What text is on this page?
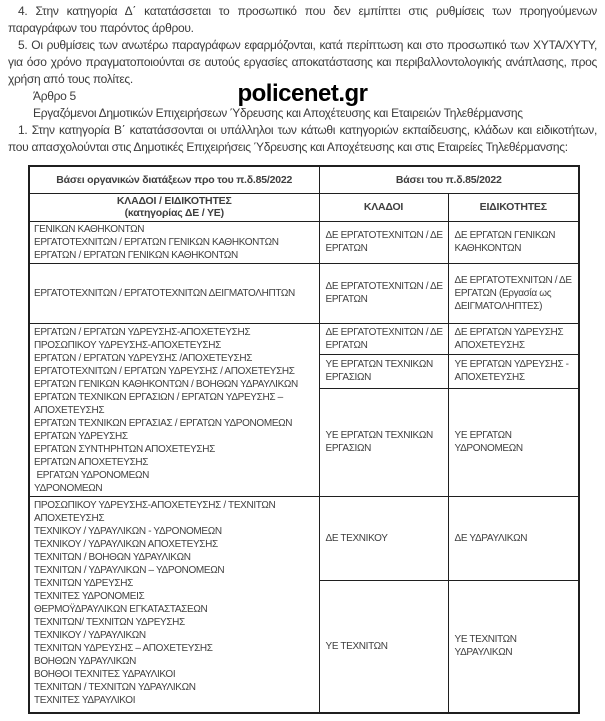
4. Στην κατηγορία Δ΄ κατατάσσεται το προσωπικό που δεν εμπίπτει στις ρυθμίσεις των προηγούμενων παραγράφων του παρόντος άρθρου.

5. Οι ρυθμίσεις των ανωτέρω παραγράφων εφαρμόζονται, κατά περίπτωση και στο προσωπικό των ΧΥΤΑ/ΧΥΤΥ, για όσο χρόνο πραγματοποιούνται σε αυτούς εργασίες αποκατάστασης και περιβαλλοντολογικής ανάπλασης, προς χρήση από τους πολίτες.

Άρθρο 5

Εργαζόμενοι Δημοτικών Επιχειρήσεων Ύδρευσης και Αποχέτευσης και Εταιρειών Τηλεθέρμανσης

1. Στην κατηγορία Β΄ κατατάσσονται οι υπάλληλοι των κάτωθι κατηγοριών εκπαίδευσης, κλάδων και ειδικοτήτων, που απασχολούνται στις Δημοτικές Επιχειρήσεις Ύδρευσης και Αποχέτευσης και στις Εταιρείες Τηλεθέρμανσης:

policenet.gr
Βάσει οργανικών διατάξεων προ του π.δ.85/2022	Βάσει του π.δ.85/2022	

ΚΛΑΔΟΙ / ΕΙΔΙΚΟΤΗΤΕΣ
(κατηγορίας ΔΕ / ΥΕ)	ΚΛΑΔΟΙ	ΕΙΔΙΚΟΤΗΤΕΣ

ΓΕΝΙΚΩΝ ΚΑΘΗΚΟΝΤΩΝ
ΕΡΓΑΤΟΤΕΧΝΙΤΩΝ / ΕΡΓΑΤΩΝ ΓΕΝΙΚΩΝ ΚΑΘΗΚΟΝΤΩΝ
ΕΡΓΑΤΩΝ / ΕΡΓΑΤΩΝ ΓΕΝΙΚΩΝ ΚΑΘΗΚΟΝΤΩΝ	ΔΕ ΕΡΓΑΤΟΤΕΧΝΙΤΩΝ / ΔΕ ΕΡΓΑΤΩΝ	ΔΕ ΕΡΓΑΤΩΝ ΓΕΝΙΚΩΝ ΚΑΘΗΚΟΝΤΩΝ

ΕΡΓΑΤΟΤΕΧΝΙΤΩΝ / ΕΡΓΑΤΟΤΕΧΝΙΤΩΝ ΔΕΙΓΜΑΤΟΛΗΠΤΩΝ	ΔΕ ΕΡΓΑΤΟΤΕΧΝΙΤΩΝ / ΔΕ ΕΡΓΑΤΩΝ	ΔΕ ΕΡΓΑΤΟΤΕΧΝΙΤΩΝ / ΔΕ ΕΡΓΑΤΩΝ (Εργασία ως ΔΕΙΓΜΑΤΟΛΗΠΤΕΣ)

ΕΡΓΑΤΩΝ / ΕΡΓΑΤΩΝ ΥΔΡΕΥΣΗΣ-ΑΠΟΧΕΤΕΥΣΗΣ
ΠΡΟΣΩΠΙΚΟΥ ΥΔΡΕΥΣΗΣ-ΑΠΟΧΕΤΕΥΣΗΣ
ΕΡΓΑΤΩΝ / ΕΡΓΑΤΩΝ ΥΔΡΕΥΣΗΣ /ΑΠΟΧΕΤΕΥΣΗΣ
ΕΡΓΑΤΟΤΕΧΝΙΤΩΝ / ΕΡΓΑΤΩΝ ΥΔΡΕΥΣΗΣ / ΑΠΟΧΕΤΕΥΣΗΣ
ΕΡΓΑΤΩΝ ΓΕΝΙΚΩΝ ΚΑΘΗΚΟΝΤΩΝ / ΒΟΗΘΩΝ ΥΔΡΑΥΛΙΚΩΝ
ΕΡΓΑΤΩΝ ΤΕΧΝΙΚΩΝ ΕΡΓΑΣΙΩΝ / ΕΡΓΑΤΩΝ ΥΔΡΕΥΣΗΣ –
ΑΠΟΧΕΤΕΥΣΗΣ
ΕΡΓΑΤΩΝ ΤΕΧΝΙΚΩΝ ΕΡΓΑΣΙΑΣ / ΕΡΓΑΤΩΝ ΥΔΡΟΝΟΜΕΩΝ
ΕΡΓΑΤΩΝ ΥΔΡΕΥΣΗΣ
ΕΡΓΑΤΩΝ ΣΥΝΤΗΡΗΤΩΝ ΑΠΟΧΕΤΕΥΣΗΣ
ΕΡΓΑΤΩΝ ΑΠΟΧΕΤΕΥΣΗΣ
ΕΡΓΑΤΩΝ ΥΔΡΟΝΟΜΕΩΝ
ΥΔΡΟΝΟΜΕΩΝ
	ΔΕ ΕΡΓΑΤΟΤΕΧΝΙΤΩΝ / ΔΕ ΕΡΓΑΤΩΝ	ΔΕ ΕΡΓΑΤΩΝ ΥΔΡΕΥΣΗΣ ΑΠΟΧΕΤΕΥΣΗΣ
	ΥΕ ΕΡΓΑΤΩΝ ΤΕΧΝΙΚΩΝ ΕΡΓΑΣΙΩΝ	ΥΕ ΕΡΓΑΤΩΝ ΥΔΡΕΥΣΗΣ - ΑΠΟΧΕΤΕΥΣΗΣ
	ΥΕ ΕΡΓΑΤΩΝ ΤΕΧΝΙΚΩΝ ΕΡΓΑΣΙΩΝ	ΥΕ ΕΡΓΑΤΩΝ ΥΔΡΟΝΟΜΕΩΝ

ΠΡΟΣΩΠΙΚΟΥ ΥΔΡΕΥΣΗΣ-ΑΠΟΧΕΤΕΥΣΗΣ / ΤΕΧΝΙΤΩΝ
ΑΠΟΧΕΤΕΥΣΗΣ
ΤΕΧΝΙΚΟΥ / ΥΔΡΑΥΛΙΚΩΝ - ΥΔΡΟΝΟΜΕΩΝ
ΤΕΧΝΙΚΟΥ / ΥΔΡΑΥΛΙΚΩΝ ΑΠΟΧΕΤΕΥΣΗΣ
ΤΕΧΝΙΤΩΝ / ΒΟΗΘΩΝ ΥΔΡΑΥΛΙΚΩΝ
ΤΕΧΝΙΤΩΝ / ΥΔΡΑΥΛΙΚΩΝ – ΥΔΡΟΝΟΜΕΩΝ
ΤΕΧΝΙΤΩΝ ΥΔΡΕΥΣΗΣ
ΤΕΧΝΙΤΕΣ ΥΔΡΟΝΟΜΕΙΣ
ΘΕΡΜΟΫΔΡΑΥΛΙΚΩΝ ΕΓΚΑΤΑΣΤΑΣΕΩΝ
ΤΕΧΝΙΤΩΝ/ ΤΕΧΝΙΤΩΝ ΥΔΡΕΥΣΗΣ
ΤΕΧΝΙΚΟΥ / ΥΔΡΑΥΛΙΚΩΝ
ΤΕΧΝΙΤΩΝ ΥΔΡΕΥΣΗΣ – ΑΠΟΧΕΤΕΥΣΗΣ
ΒΟΗΘΩΝ ΥΔΡΑΥΛΙΚΩΝ
ΒΟΗΘΟΙ ΤΕΧΝΙΤΕΣ ΥΔΡΑΥΛΙΚΟΙ
ΤΕΧΝΙΤΩΝ / ΤΕΧΝΙΤΩΝ ΥΔΡΑΥΛΙΚΩΝ
ΤΕΧΝΙΤΕΣ ΥΔΡΑΥΛΙΚΟΙ
	ΔΕ ΤΕΧΝΙΚΟΥ	ΔΕ ΥΔΡΑΥΛΙΚΩΝ
	ΥΕ ΤΕΧΝΙΤΩΝ	ΥΕ ΤΕΧΝΙΤΩΝ ΥΔΡΑΥΛΙΚΩΝ
